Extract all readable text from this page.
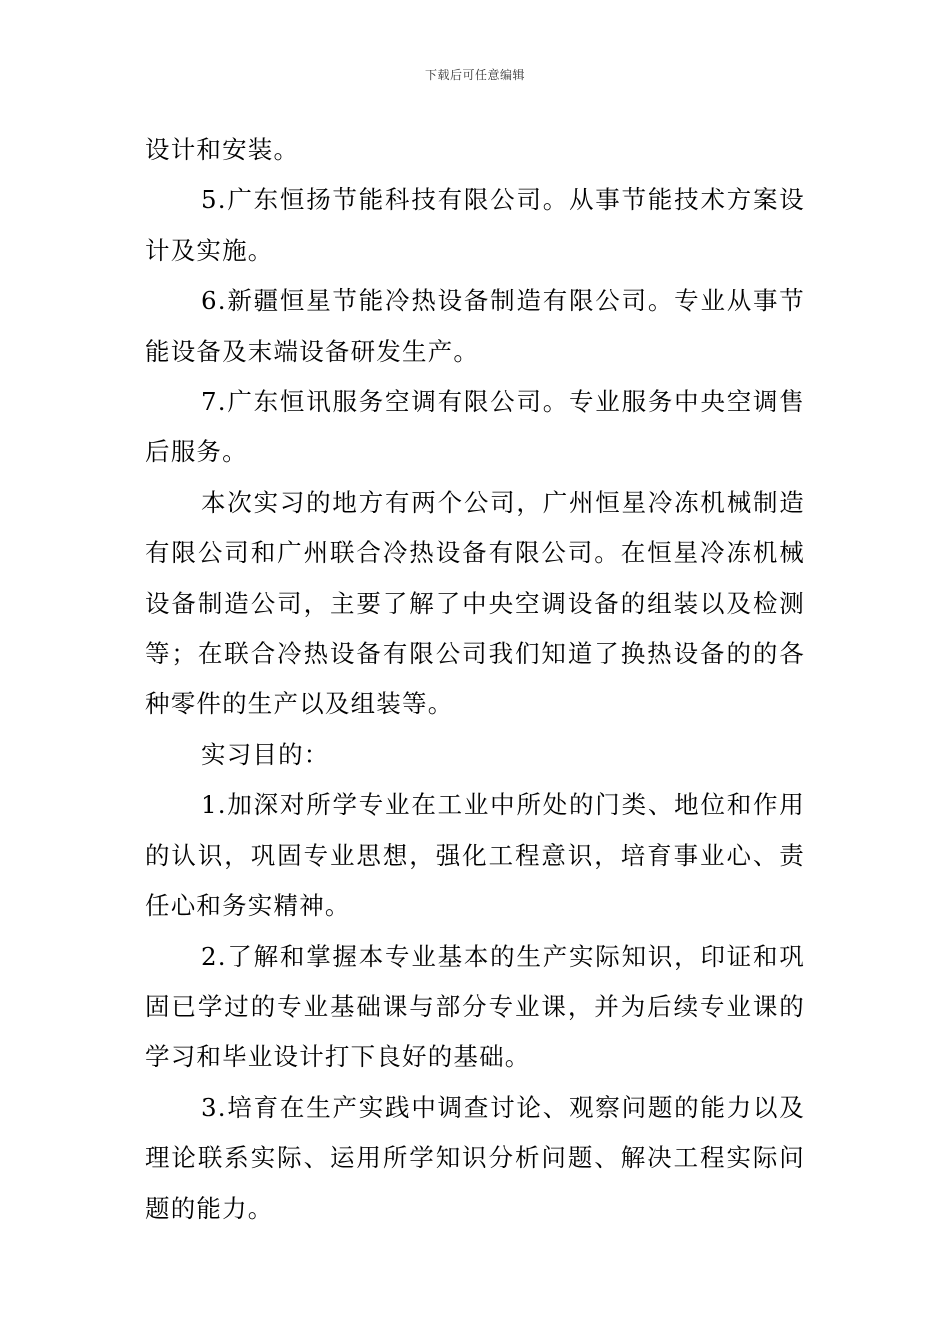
下载后可任意编辑

设计和安装。

5.广东恒扬节能科技有限公司。从事节能技术方案设计及实施。

6.新疆恒星节能冷热设备制造有限公司。专业从事节能设备及末端设备研发生产。

7.广东恒讯服务空调有限公司。专业服务中央空调售后服务。

本次实习的地方有两个公司，广州恒星冷冻机械制造有限公司和广州联合冷热设备有限公司。在恒星冷冻机械设备制造公司，主要了解了中央空调设备的组装以及检测等；在联合冷热设备有限公司我们知道了换热设备的的各种零件的生产以及组装等。

实习目的：

1.加深对所学专业在工业中所处的门类、地位和作用的认识，巩固专业思想，强化工程意识，培育事业心、责任心和务实精神。

2.了解和掌握本专业基本的生产实际知识，印证和巩固已学过的专业基础课与部分专业课，并为后续专业课的学习和毕业设计打下良好的基础。

3.培育在生产实践中调查讨论、观察问题的能力以及理论联系实际、运用所学知识分析问题、解决工程实际问题的能力。
